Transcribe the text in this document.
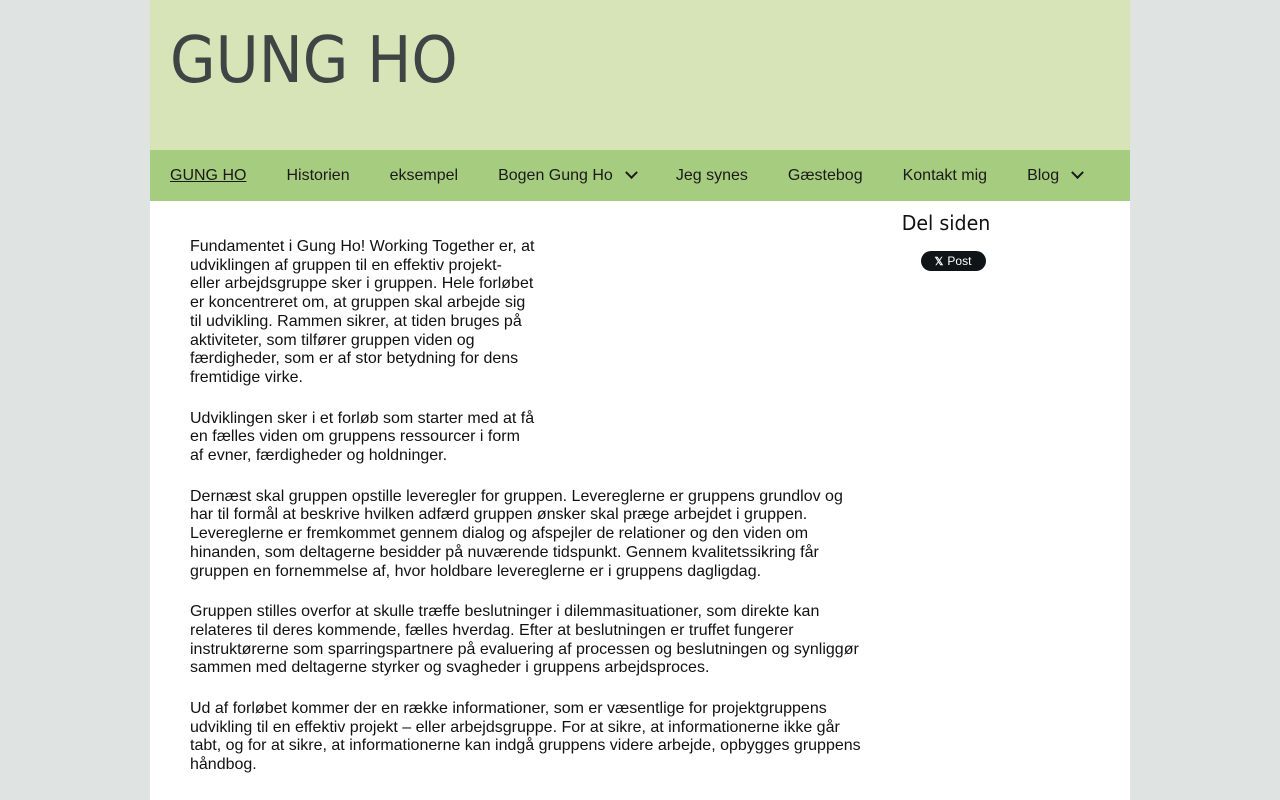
GUNG HO
GUNG HO	Historien	eksempel	Bogen Gung Ho	Jeg synes	Gæstebog	Kontakt mig	Blog

Fundamentet i Gung Ho! Working Together er, at udviklingen af gruppen til en effektiv projekt- eller arbejdsgruppe sker i gruppen. Hele forløbet er koncentreret om, at gruppen skal arbejde sig til udvikling. Rammen sikrer, at tiden bruges på aktiviteter, som tilfører gruppen viden og færdigheder, som er af stor betydning for dens fremtidige virke.

Udviklingen sker i et forløb som starter med at få en fælles viden om gruppens ressourcer i form af evner, færdigheder og holdninger.

Dernæst skal gruppen opstille leveregler for gruppen. Levereglerne er gruppens grundlov og har til formål at beskrive hvilken adfærd gruppen ønsker skal præge arbejdet i gruppen. Levereglerne er fremkommet gennem dialog og afspejler de relationer og den viden om hinanden, som deltagerne besidder på nuværende tidspunkt. Gennem kvalitetssikring får gruppen en fornemmelse af, hvor holdbare levereglerne er i gruppens dagligdag.

Gruppen stilles overfor at skulle træffe beslutninger i dilemmasituationer, som direkte kan relateres til deres kommende, fælles hverdag. Efter at beslutningen er truffet fungerer instruktørerne som sparringspartnere på evaluering af processen og beslutningen og synliggør sammen med deltagerne styrker og svagheder i gruppens arbejdsproces.

Ud af forløbet kommer der en række informationer, som er væsentlige for projektgruppens udvikling til en effektiv projekt – eller arbejdsgruppe. For at sikre, at informationerne ikke går tabt, og for at sikre, at informationerne kan indgå gruppens videre arbejde, opbygges gruppens håndbog.

Del siden
𝕏 Post
